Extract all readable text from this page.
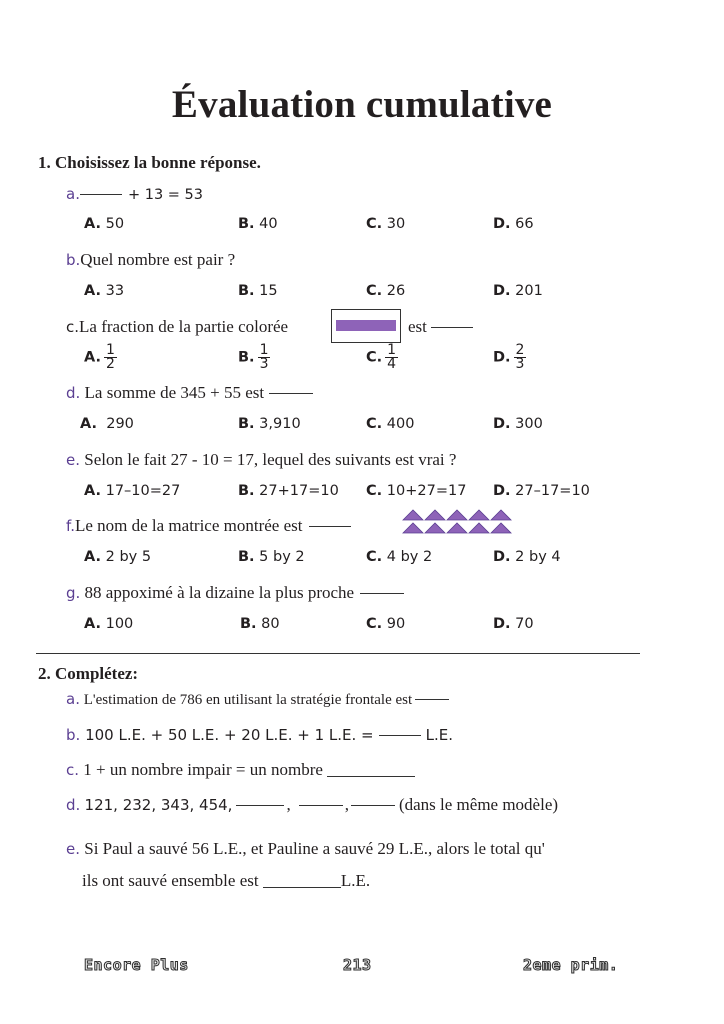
Évaluation cumulative
1. Choisissez la bonne réponse.
a.	+ 13 = 53
A. 50	B. 40	C. 30	D. 66
b.Quel nombre est pair ?
A. 33	B. 15	C. 26	D. 201
c.La fraction de la partie colorée	est
A. $\frac{1}{2}$	B. $\frac{1}{3}$	C. $\frac{1}{4}$	D. $\frac{2}{3}$
d. La somme de 345 + 55 est
A. 290	B. 3,910	C. 400	D. 300
e. Selon le fait 27 - 10 = 17, lequel des suivants est vrai ?
A. 17–10=27	B. 27+17=10 C. 10+27=17 D. 27–17=10
f.Le nom de la matrice montrée est
A. 2 by 5	B. 5 by 2	C. 4 by 2	D. 2 by 4
g. 88 appoximé à la dizaine la plus proche
A. 100	B. 80	C. 90	D. 70
2. Complétez:
a. L'estimation de 786 en utilisant la stratégie frontale est
b. 100 L.E. + 50 L.E. + 20 L.E. + 1 L.E. =	L.E.
c. 1 + un nombre impair = un nombre
d. 121, 232, 343, 454,	,	,	(dans le même modèle)
e. Si Paul a sauvé 56 L.E., et Pauline a sauvé 29 L.E., alors le total qu'
ils ont sauvé ensemble est	L.E.
Encore Plus	213	2eme prim.
